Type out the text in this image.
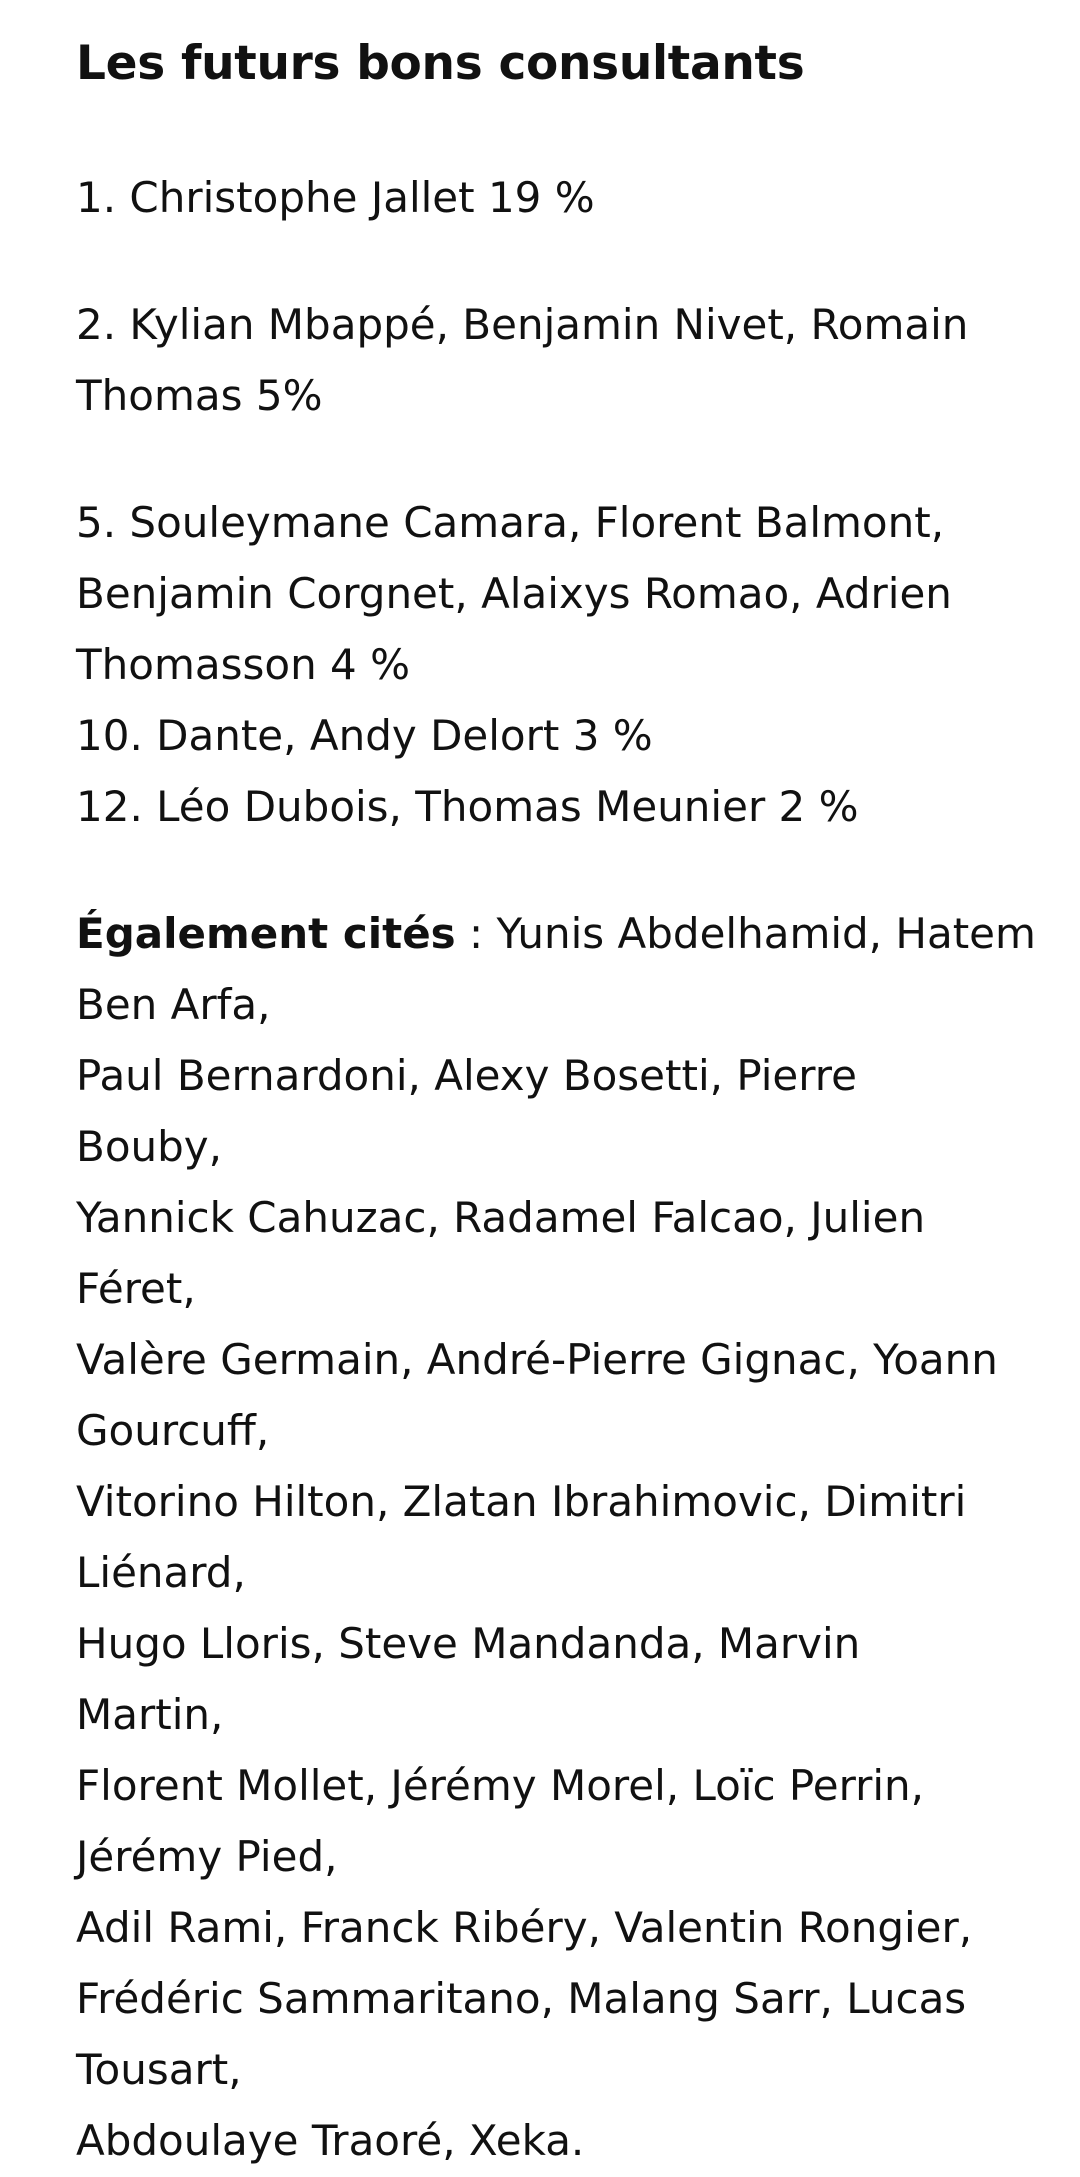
Les futurs bons consultants

1. Christophe Jallet 19 %

2. Kylian Mbappé, Benjamin Nivet, Romain
Thomas 5%

5. Souleymane Camara, Florent Balmont,
Benjamin Corgnet, Alaixys Romao, Adrien
Thomasson 4 %
10. Dante, Andy Delort 3 %
12. Léo Dubois, Thomas Meunier 2 %

Également cités : Yunis Abdelhamid, Hatem
Ben Arfa,
Paul Bernardoni, Alexy Bosetti, Pierre
Bouby,
Yannick Cahuzac, Radamel Falcao, Julien
Féret,
Valère Germain, André-Pierre Gignac, Yoann
Gourcuff,
Vitorino Hilton, Zlatan Ibrahimovic, Dimitri
Liénard,
Hugo Lloris, Steve Mandanda, Marvin
Martin,
Florent Mollet, Jérémy Morel, Loïc Perrin,
Jérémy Pied,
Adil Rami, Franck Ribéry, Valentin Rongier,
Frédéric Sammaritano, Malang Sarr, Lucas
Tousart,
Abdoulaye Traoré, Xeka.
